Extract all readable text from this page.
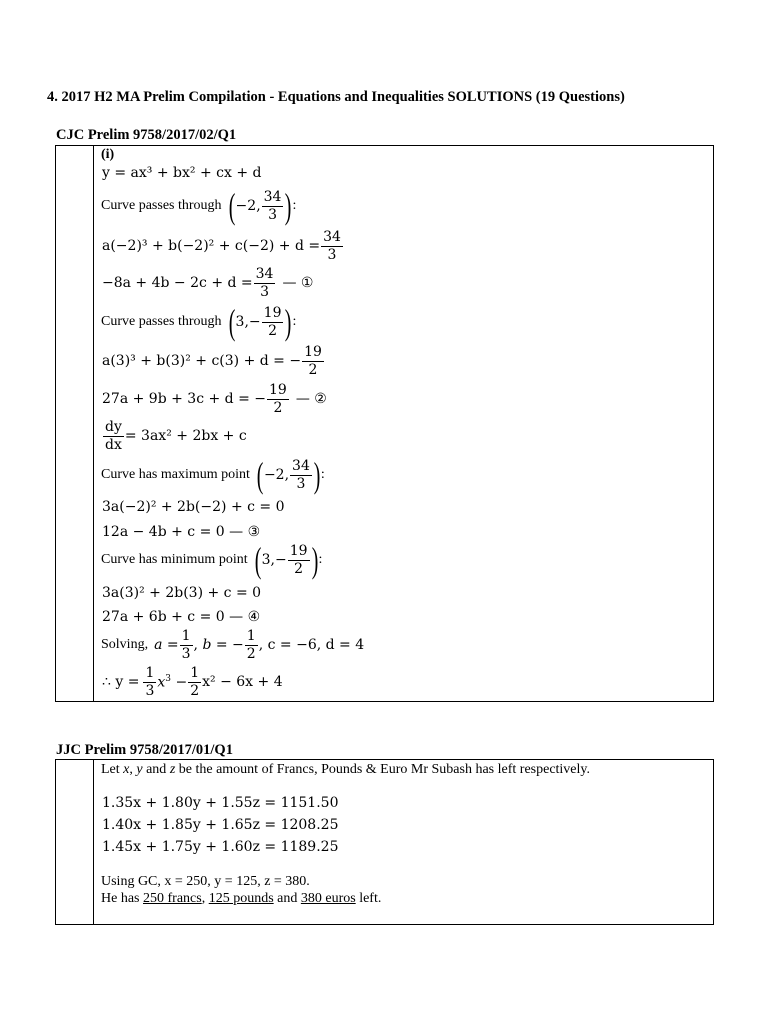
4. 2017 H2 MA Prelim Compilation - Equations and Inequalities SOLUTIONS (19 Questions)
CJC Prelim 9758/2017/02/Q1
(i)
y = ax³ + bx² + cx + d
Curve passes through ( −2 , $\frac{34}{3}$ ) :
$a(-2)^3 + b(-2)^2 + c(-2) + d = \frac{34}{3}$
$-8a + 4b - 2c + d = \frac{34}{3}$ — ①
Curve passes through ( 3 ,− $\frac{19}{2}$ ) :
a(3)³ + b(3)² + c(3) + d = − $\frac{19}{2}$
27a + 9b + 3c + d = − $\frac{19}{2}$ — ②
$\frac{dy}{dx} = 3ax^2 + 2bx + c$
Curve has maximum point ( −2 , $\frac{34}{3}$ ) :
3a(−2)² + 2b(−2) + c = 0
12a − 4b + c = 0 — ③
Curve has minimum point ( 3 ,− $\frac{19}{2}$ ) :
3a(3)² + 2b(3) + c = 0
27a + 6b + c = 0 — ④
Solving, $a = \frac{1}{3}$ , b = − $\frac{1}{2}$ , c = −6, d = 4
∴ $y = \frac{1}{3} x^3 - \frac{1}{2} x^2 - 6x + 4$
JJC Prelim 9758/2017/01/Q1
Let x, y and z be the amount of Francs, Pounds & Euro Mr Subash has left respectively.
1.35x + 1.80y + 1.55z = 1151.50
1.40x + 1.85y + 1.65z = 1208.25
1.45x + 1.75y + 1.60z = 1189.25
Using GC, x = 250, y = 125, z = 380.
He has 250 francs, 125 pounds and 380 euros left.
